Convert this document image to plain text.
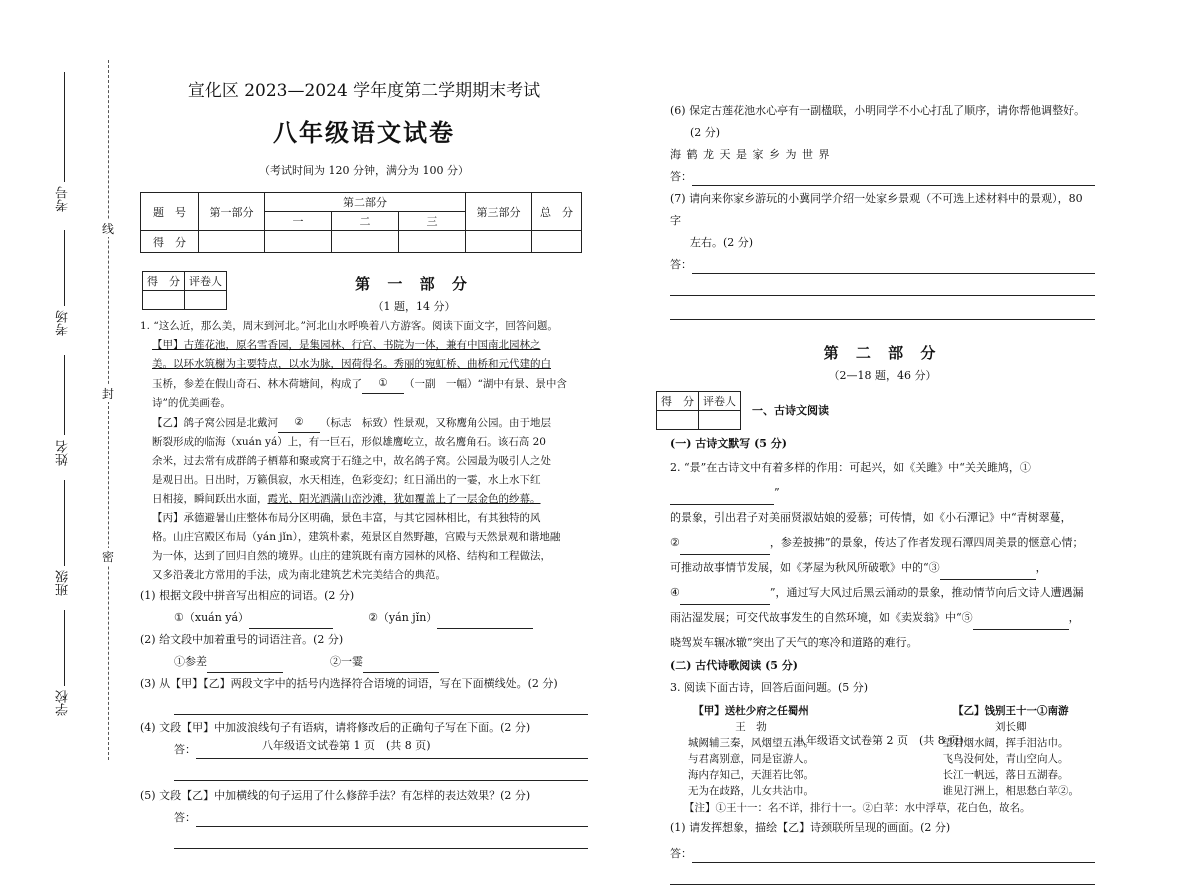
考号
考场
姓名
班级
学校
线
封
密
宣化区 2023—2024 学年度第二学期期末考试
八年级语文试卷
（考试时间为 120 分钟，满分为 100 分）
题　号	第一部分	第二部分			第三部分	总　分
		一	二	三		
得　分						
得　分	评卷人
		第 一 部 分
（1 题，14 分）
1. “这么近，那么美，周末到河北。”河北山水呼唤着八方游客。阅读下面文字，回答问题。
【甲】古莲花池，原名雪香园，是集园林、行宫、书院为一体，兼有中国南北园林之
美。以环水筑榭为主要特点，以水为脉，因荷得名。秀丽的宛虹桥、曲桥和元代建的白
玉桥，参差在假山奇石、林木荷塘间，构成了 ① （一副　一幅）“湖中有景、景中含
诗”的优美画卷。
【乙】鸽子窝公园是北戴河 ② （标志　标致）性景观，又称鹰角公园。由于地层
断裂形成的临海（xuán yá）上，有一巨石，形似雄鹰屹立，故名鹰角石。该石高 20
余米，过去常有成群鸽子栖幕和聚或窝于石缝之中，故名鸽子窝。公园最为吸引人之处
是观日出。日出时，万籁俱寂，水天相连，色彩变幻；红日涌出的一霎，水上水下红
日相接，瞬间跃出水面，霞光、阳光洒满山峦沙滩，犹如覆盖上了一层金色的纱幕。
【丙】承德避暑山庄整体布局分区明确，景色丰富，与其它园林相比，有其独特的风
格。山庄宫殿区布局（yán jǐn），建筑朴素，苑景区自然野趣，宫殿与天然景观和谐地融
为一体，达到了回归自然的境界。山庄的建筑既有南方园林的风格、结构和工程做法，
又多沿袭北方常用的手法，成为南北建筑艺术完美结合的典范。
(1) 根据文段中拼音写出相应的词语。(2 分)
①（xuán yá）	②（yán jǐn）
(2) 给文段中加着重号的词语注音。(2 分)
①参差	②一霎
(3) 从【甲】【乙】两段文字中的括号内选择符合语境的词语，写在下面横线处。(2 分)
(4) 文段【甲】中加波浪线句子有语病，请将修改后的正确句子写在下面。(2 分)
答：
(5) 文段【乙】中加横线的句子运用了什么修辞手法？有怎样的表达效果？(2 分)
答：
八年级语文试卷第 1 页　(共 8 页)
(6) 保定古莲花池水心亭有一副楹联，小明同学不小心打乱了顺序，请你帮他调整好。
(2 分)
海 鹤 龙 天 是 家 乡 为 世 界
答：
(7) 请向来你家乡游玩的小冀同学介绍一处家乡景观（不可选上述材料中的景观），80 字
左右。(2 分)
答：
第 二 部 分
（2—18 题，46 分）
得　分	评卷人

一、古诗文阅读
(一) 古诗文默写 (5 分)
2. “景”在古诗文中有着多样的作用：可起兴，如《关雎》中“关关雎鸠，①”
的景象，引出君子对美丽贤淑姑娘的爱慕；可传情，如《小石潭记》中“青树翠蔓，
②	，参差披拂”的景象，传达了作者发现石潭四周美景的惬意心情；
可推动故事情节发展，如《茅屋为秋风所破歌》中的“③	，
④	”，通过写大风过后黑云涌动的景象，推动情节向后文诗人遭遇漏
雨沾湿发展；可交代故事发生的自然环境，如《卖炭翁》中“⑤	，
晓驾炭车辗冰辙”突出了天气的寒冷和道路的难行。
(二) 古代诗歌阅读 (5 分)
3. 阅读下面古诗，回答后面问题。(5 分)
【甲】送杜少府之任蜀州
王　勃
城阙辅三秦，风烟望五津。
与君离别意，同是宦游人。
海内存知己，天涯若比邻。
无为在歧路，儿女共沾巾。
【乙】饯别王十一①南游
刘长卿
望君烟水阔，挥手泪沾巾。
飞鸟没何处，青山空向人。
长江一帆远，落日五湖春。
谁见汀洲上，相思愁白苹②。
【注】①王十一：名不详，排行十一。②白苹：水中浮草，花白色，故名。
(1) 请发挥想象，描绘【乙】诗颈联所呈现的画面。(2 分)
答：
八年级语文试卷第 2 页　(共 8 页)
